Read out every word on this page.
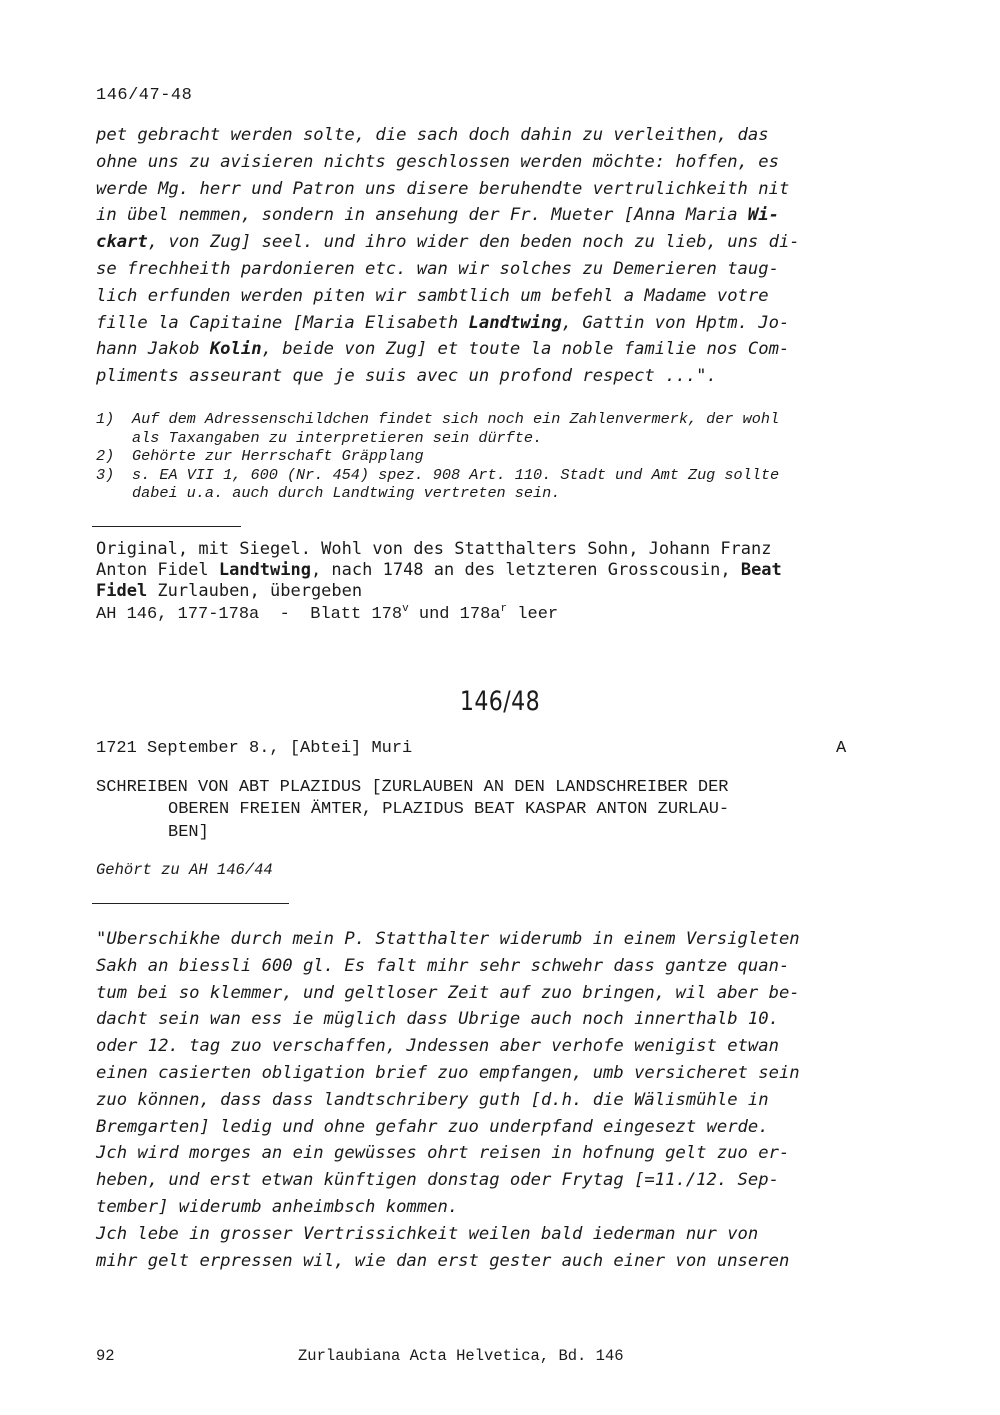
146/47-48
pet gebracht werden solte, die sach doch dahin zu verleithen, das
ohne uns zu avisieren nichts geschlossen werden möchte: hoffen, es
werde Mg. herr und Patron uns disere beruhendte vertrulichkeith nit
in übel nemmen, sondern in ansehung der Fr. Mueter [Anna Maria Wi-
ckart, von Zug] seel. und ihro wider den beden noch zu lieb, uns di-
se frechheith pardonieren etc. wan wir solches zu Demerieren taug-
lich erfunden werden piten wir sambtlich um befehl a Madame votre
fille la Capitaine [Maria Elisabeth Landtwing, Gattin von Hptm. Jo-
hann Jakob Kolin, beide von Zug] et toute la noble familie nos Com-
pliments asseurant que je suis avec un profond respect ...".
1)	Auf dem Adressenschildchen findet sich noch ein Zahlenvermerk, der wohl
als Taxangaben zu interpretieren sein dürfte.
2)	Gehörte zur Herrschaft Gräpplang
3)	s. EA VII 1, 600 (Nr. 454) spez. 908 Art. 110. Stadt und Amt Zug sollte
dabei u.a. auch durch Landtwing vertreten sein.
Original, mit Siegel. Wohl von des Statthalters Sohn, Johann Franz
Anton Fidel Landtwing, nach 1748 an des letzteren Grosscousin, Beat
Fidel Zurlauben, übergeben
AH 146, 177-178a  -  Blatt 178$^v$ und $178a^r$ leer
146/48
1721 September 8., [Abtei] Muri	A
SCHREIBEN VON ABT PLAZIDUS [ZURLAUBEN AN DEN LANDSCHREIBER DER
OBEREN FREIEN ÄMTER, PLAZIDUS BEAT KASPAR ANTON ZURLAU-
BEN]
Gehört zu AH 146/44
"Uberschikhe durch mein P. Statthalter widerumb in einem Versigleten
Sakh an biessli 600 gl. Es falt mihr sehr schwehr dass gantze quan-
tum bei so klemmer, und geltloser Zeit auf zuo bringen, wil aber be-
dacht sein wan ess ie müglich dass Ubrige auch noch innerthalb 10.
oder 12. tag zuo verschaffen, Jndessen aber verhofe wenigist etwan
einen casierten obligation brief zuo empfangen, umb versicheret sein
zuo können, dass dass landtschribery guth [d.h. die Wälismühle in
Bremgarten] ledig und ohne gefahr zuo underpfand eingesezt werde.
Jch wird morges an ein gewüsses ohrt reisen in hofnung gelt zuo er-
heben, und erst etwan künftigen donstag oder Frytag [=11./12. Sep-
tember] widerumb anheimbsch kommen.
Jch lebe in grosser Vertrissichkeit weilen bald iederman nur von
mihr gelt erpressen wil, wie dan erst gester auch einer von unseren
92	Zurlaubiana Acta Helvetica, Bd. 146
